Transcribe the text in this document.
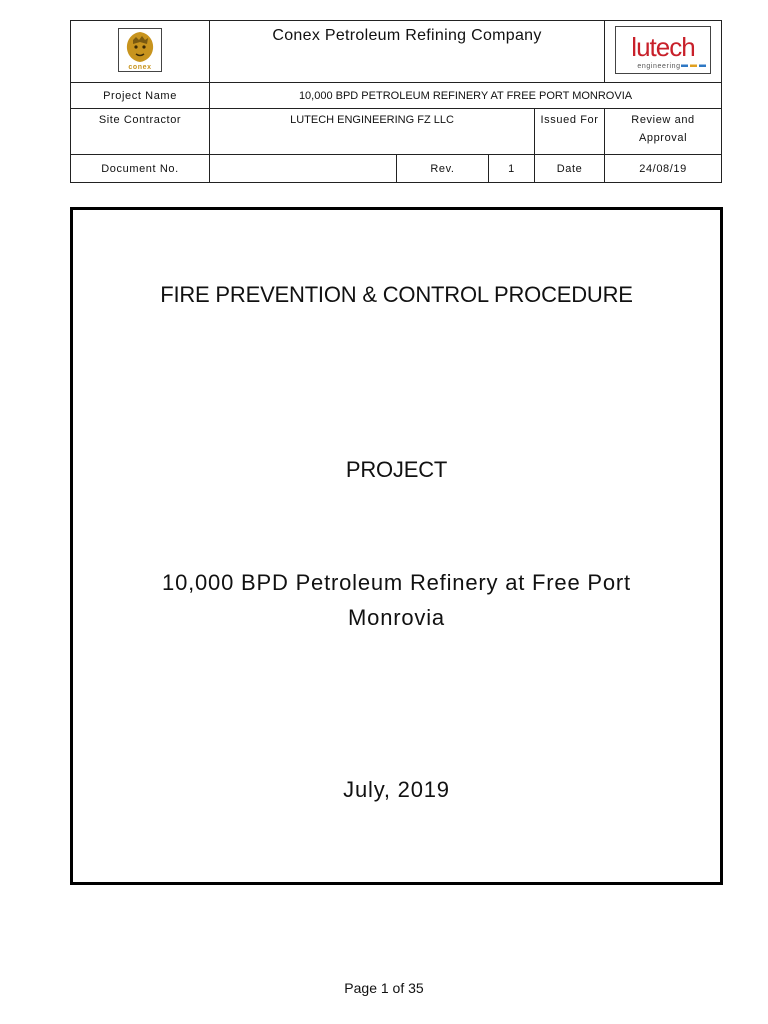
conex	Conex Petroleum Refining Company				lutech
engineering

Project Name	10,000 BPD PETROLEUM REFINERY AT FREE PORT MONROVIA				
Site Contractor	LUTECH ENGINEERING FZ LLC			Issued For	Review and
Approval

Document No.		Rev.	1	Date	24/08/19
FIRE PREVENTION & CONTROL PROCEDURE
PROJECT
10,000 BPD Petroleum Refinery at Free Port
Monrovia
July, 2019
Page 1 of 35
